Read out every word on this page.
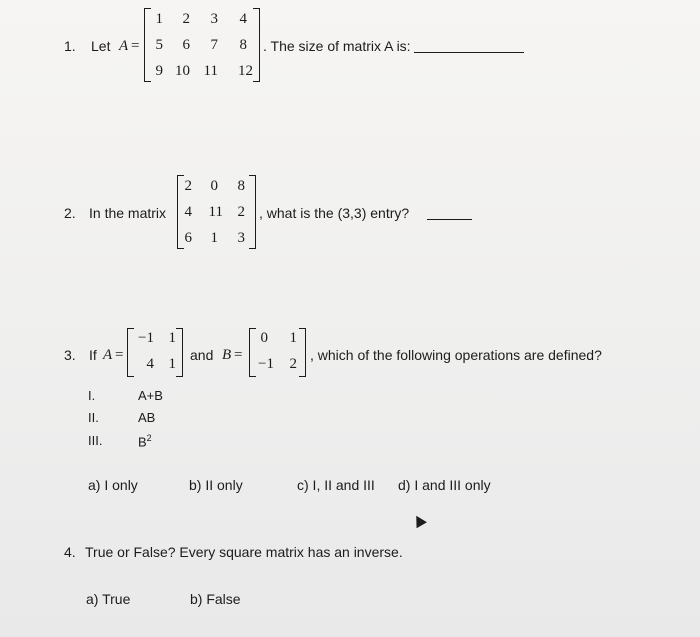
1. Let A =
1	2	3	4
5	6	7	8
9 10 11	12
. The size of matrix A is:
2. In the matrix
2	0	8
4	11 2
6	1	3
, what is the (3,3) entry?
3. If A =
−1 1
4 1
and B =
0	1
−1	2
, which of the following operations are defined?
I.	A+B
II.	AB
III.	$B^2$
a) I only	b) II only	c) I, II and III d) I and III only
4. True or False? Every square matrix has an inverse.
a) True	b) False
